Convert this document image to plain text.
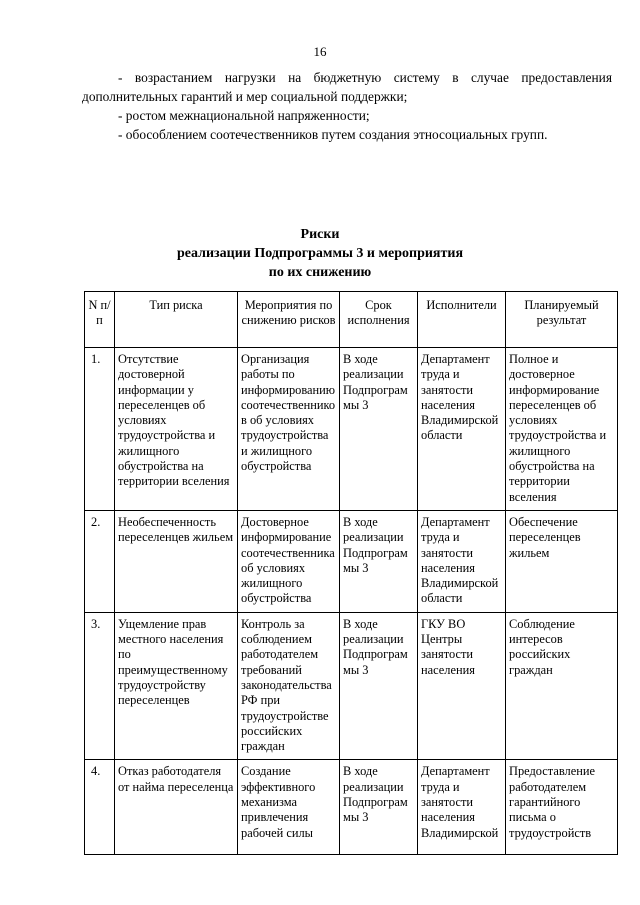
16

- возрастанием нагрузки на бюджетную систему в случае предоставления дополнительных гарантий и мер социальной поддержки;

- ростом межнациональной напряженности;

- обособлением соотечественников путем создания этносоциальных групп.

Риски
реализации Подпрограммы 3 и мероприятия
по их снижению
N п/п	Тип риска	Мероприятия по снижению рисков	Срок исполнения	Исполнители	Планируемый результат
1.	Отсутствие достоверной информации у переселенцев об условиях трудоустройства и жилищного обустройства на территории вселения	Организация работы по информированию соотечественников об условиях трудоустройства и жилищного обустройства	В ходе реализации Подпрограммы 3	Департамент труда и занятости населения Владимирской области	Полное и достоверное информирование переселенцев об условиях трудоустройства и жилищного обустройства на территории вселения
2.	Необеспеченность переселенцев жильем	Достоверное информирование соотечественника об условиях жилищного обустройства	В ходе реализации Подпрограммы 3	Департамент труда и занятости населения Владимирской области	Обеспечение переселенцев жильем
3.	Ущемление прав местного населения по преимущественному трудоустройству переселенцев	Контроль за соблюдением работодателем требований законодательства РФ при трудоустройстве российских граждан	В ходе реализации Подпрограммы 3	ГКУ ВО Центры занятости населения	Соблюдение интересов российских граждан
4.	Отказ работодателя от найма переселенца	Создание эффективного механизма привлечения рабочей силы	В ходе реализации Подпрограммы 3	Департамент труда и занятости населения Владимирской	Предоставление работодателем гарантийного письма о трудоустройств
